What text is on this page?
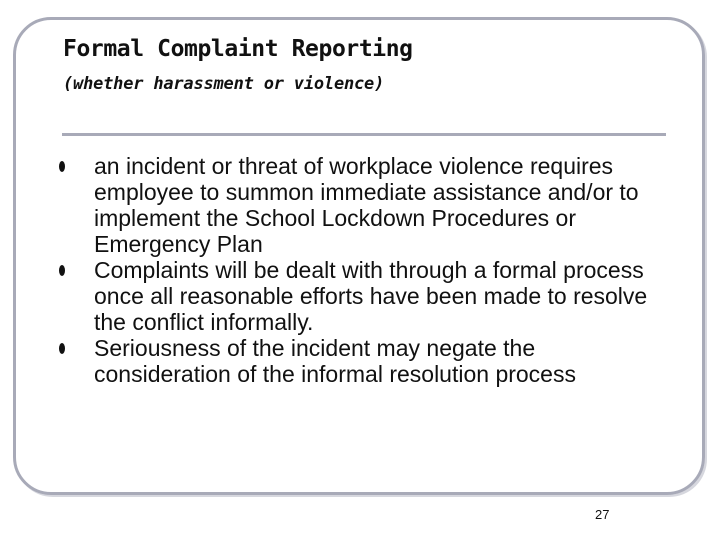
Formal Complaint Reporting
(whether harassment or violence)
an incident or threat of workplace violence requires employee to summon immediate assistance and/or to implement the School Lockdown Procedures or Emergency Plan
Complaints will be dealt with through a formal process once all reasonable efforts have been made to resolve the conflict informally.
Seriousness of the incident may negate the consideration of the informal resolution process
27
